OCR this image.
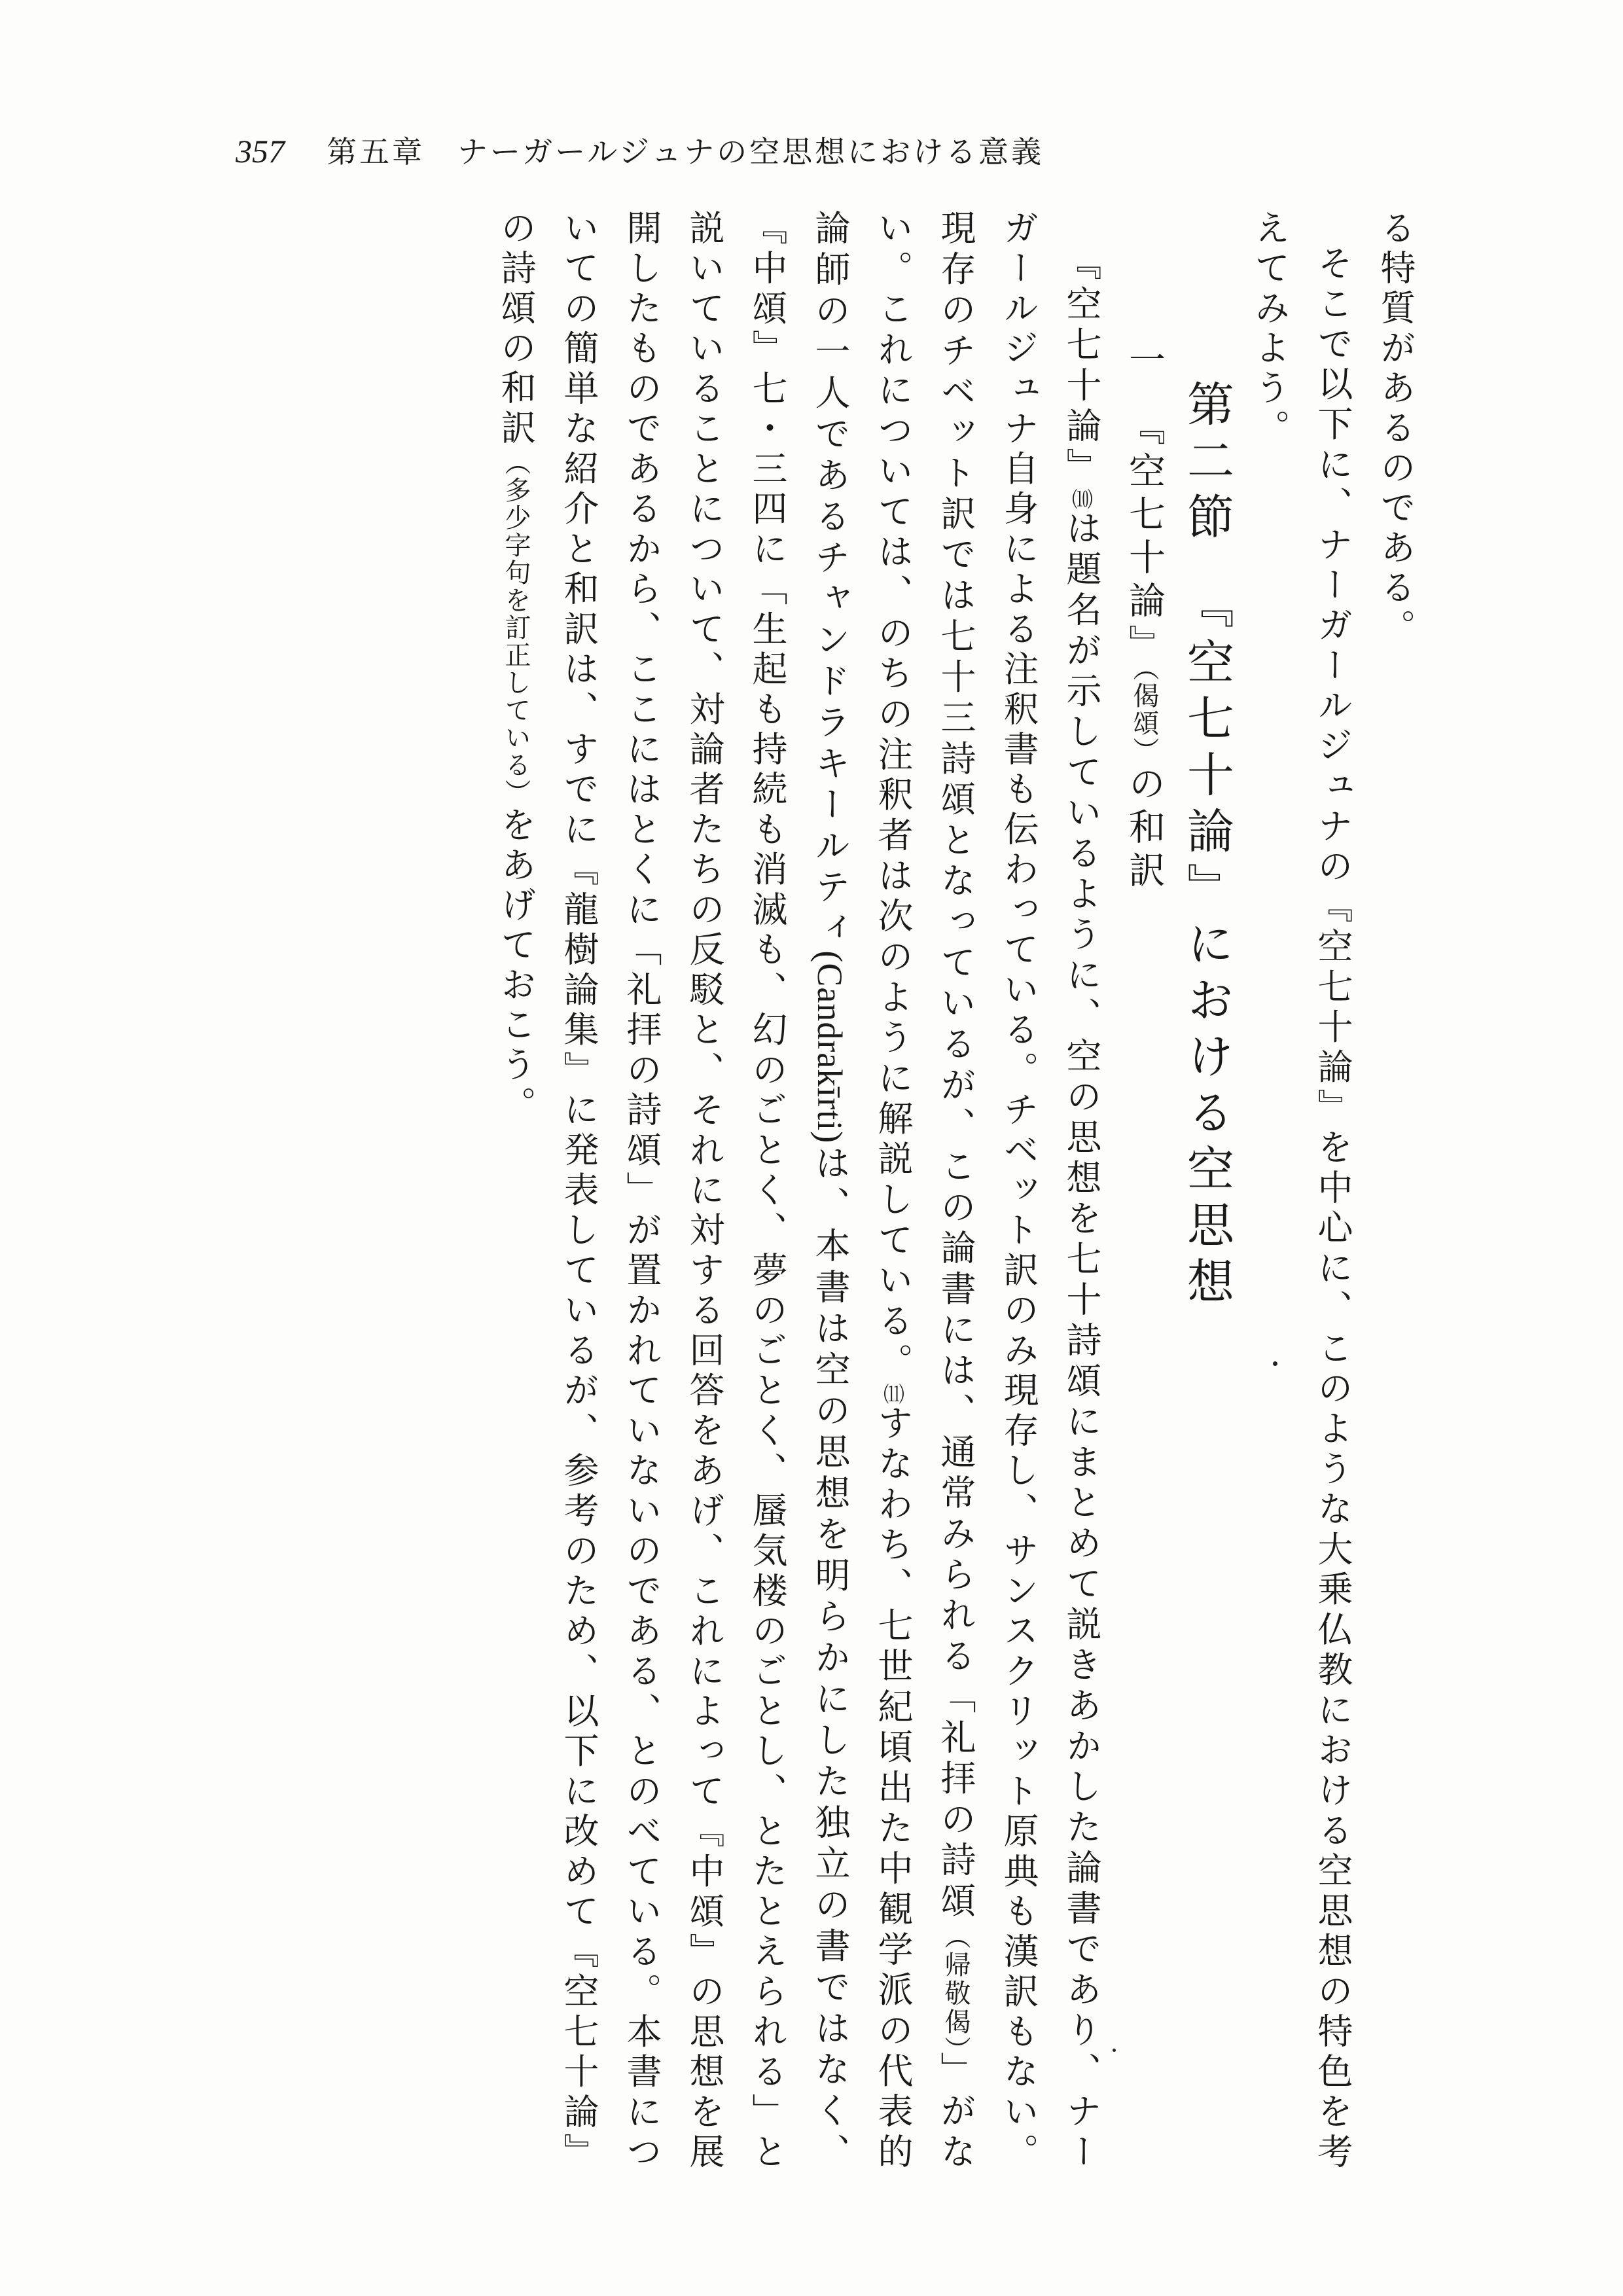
357 第五章　ナーガールジュナの空思想における意義

る特質があるのである。

そこで以下に、ナーガールジュナの『空七十論』を中心に、このような大乗仏教における空思想の特色を考えてみよう。

第二節　『空七十論』における空思想

一　『空七十論』（偈頌）の和訳

『空七十論』⑽は題名が示しているように、空の思想を七十詩頌にまとめて説きあかした論書であり、ナーガールジュナ自身による注釈書も伝わっている。チベット訳のみ現存し、サンスクリット原典も漢訳もない。現存のチベット訳では七十三詩頌となっているが、この論書には、通常みられる「礼拝の詩頌（帰敬偈）」がない。これについては、のちの注釈者は次のように解説している。⑾すなわち、七世紀頃出た中観学派の代表的論師の一人であるチャンドラキールティ(Candrakīrti)は、本書は空の思想を明らかにした独立の書ではなく、『中頌』七・三四に「生起も持続も消滅も、幻のごとく、夢のごとく、蜃気楼のごとし、とたとえられる」と説いていることについて、対論者たちの反駁と、それに対する回答をあげ、これによって『中頌』の思想を展開したものであるから、ここにはとくに「礼拝の詩頌」が置かれていないのである、とのべている。本書についての簡単な紹介と和訳は、すでに『龍樹論集』に発表しているが、参考のため、以下に改めて『空七十論』の詩頌の和訳（多少字句を訂正している）をあげておこう。
